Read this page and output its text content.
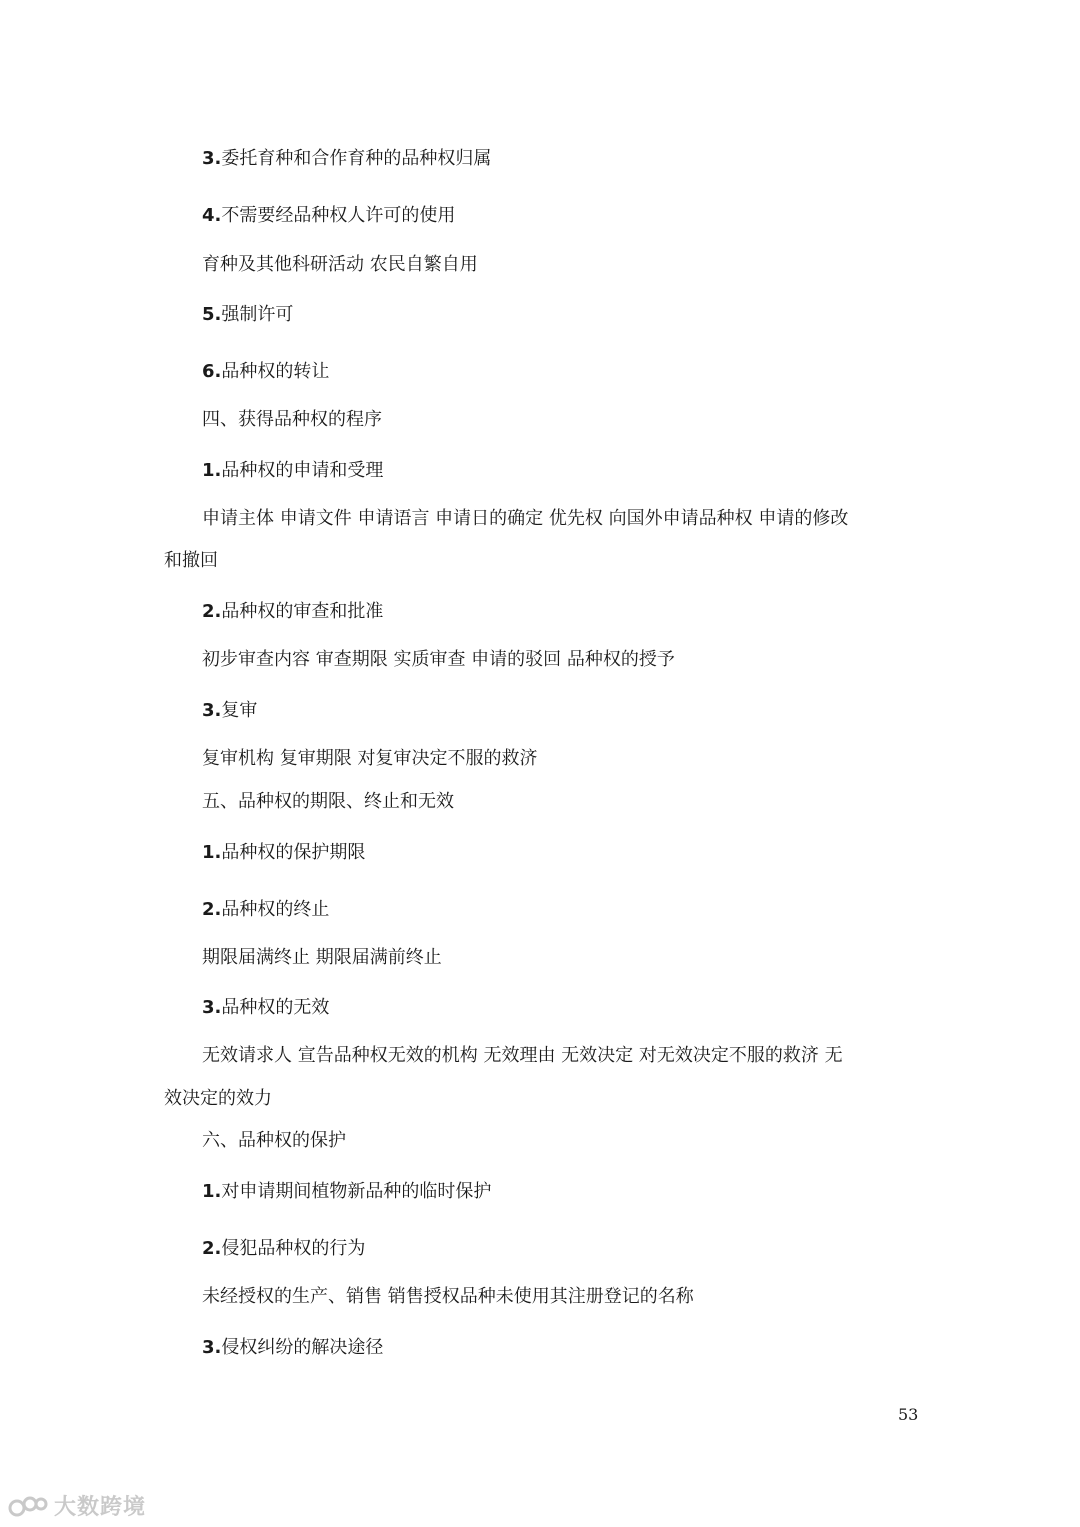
3.委托育种和合作育种的品种权归属
4.不需要经品种权人许可的使用
育种及其他科研活动 农民自繁自用
5.强制许可
6.品种权的转让
四、获得品种权的程序
1.品种权的申请和受理
申请主体 申请文件 申请语言 申请日的确定 优先权 向国外申请品种权 申请的修改
和撤回
2.品种权的审查和批准
初步审查内容 审查期限 实质审查 申请的驳回 品种权的授予
3.复审
复审机构 复审期限 对复审决定不服的救济
五、品种权的期限、终止和无效
1.品种权的保护期限
2.品种权的终止
期限届满终止 期限届满前终止
3.品种权的无效
无效请求人 宣告品种权无效的机构 无效理由 无效决定 对无效决定不服的救济 无
效决定的效力
六、品种权的保护
1.对申请期间植物新品种的临时保护
2.侵犯品种权的行为
未经授权的生产、销售 销售授权品种未使用其注册登记的名称
3.侵权纠纷的解决途径
53
大数跨境
